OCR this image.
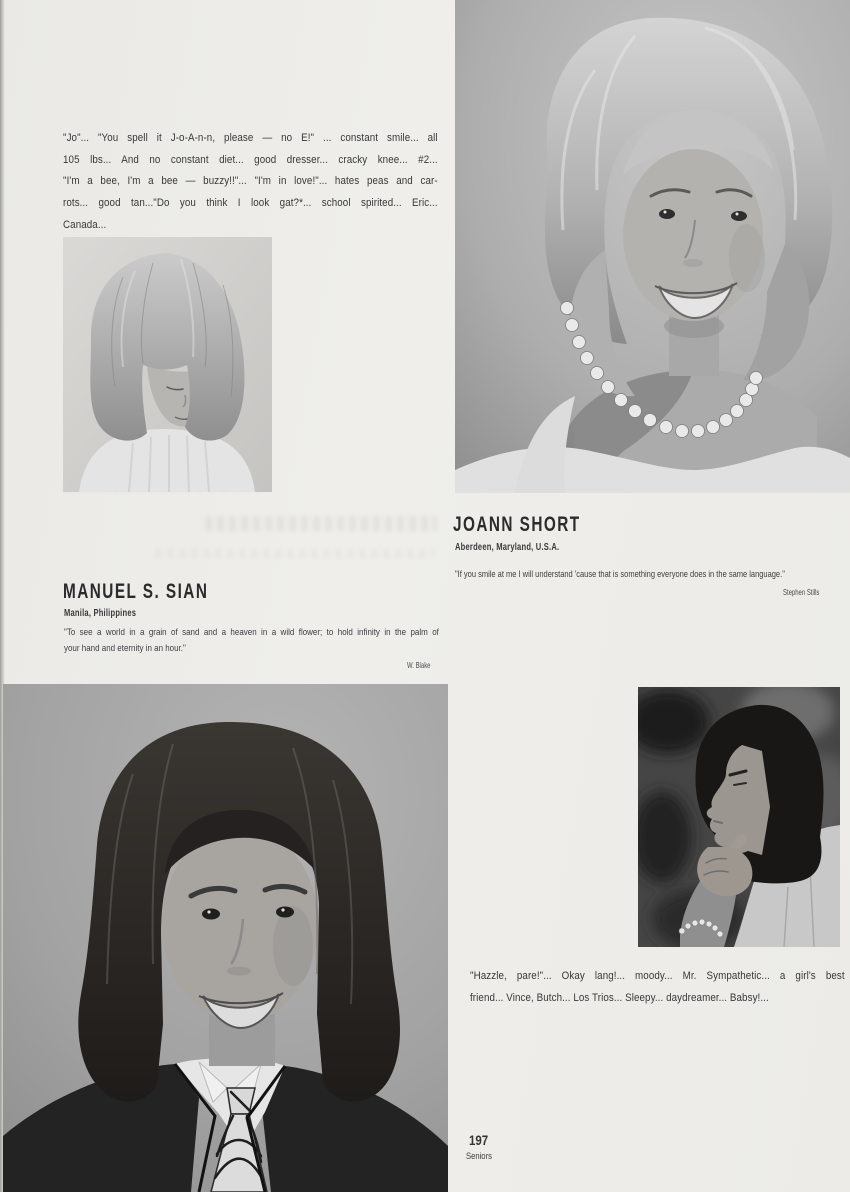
"Jo"... "You spell it J-o-A-n-n, please — no E!" ... constant smile... all
105 lbs... And no constant diet... good dresser... cracky knee... #2...
"I'm a bee, I'm a bee — buzzy!!"... "I'm in love!"... hates peas and car-
rots... good tan..."Do you think I look gat?*... school spirited... Eric...
Canada...
JOANN SHORT
Aberdeen, Maryland, U.S.A.
"If you smile at me I will understand 'cause that is something everyone does in the same language."
Stephen Stills
MANUEL S. SIAN
Manila, Philippines
"To see a world in a grain of sand and a heaven in a wild flower; to hold infinity in the palm of
your hand and eternity in an hour."
W. Blake
"Hazzle, pare!"... Okay lang!... moody... Mr. Sympathetic... a girl's best
friend... Vince, Butch... Los Trios... Sleepy... daydreamer... Babsy!...
197
Seniors
